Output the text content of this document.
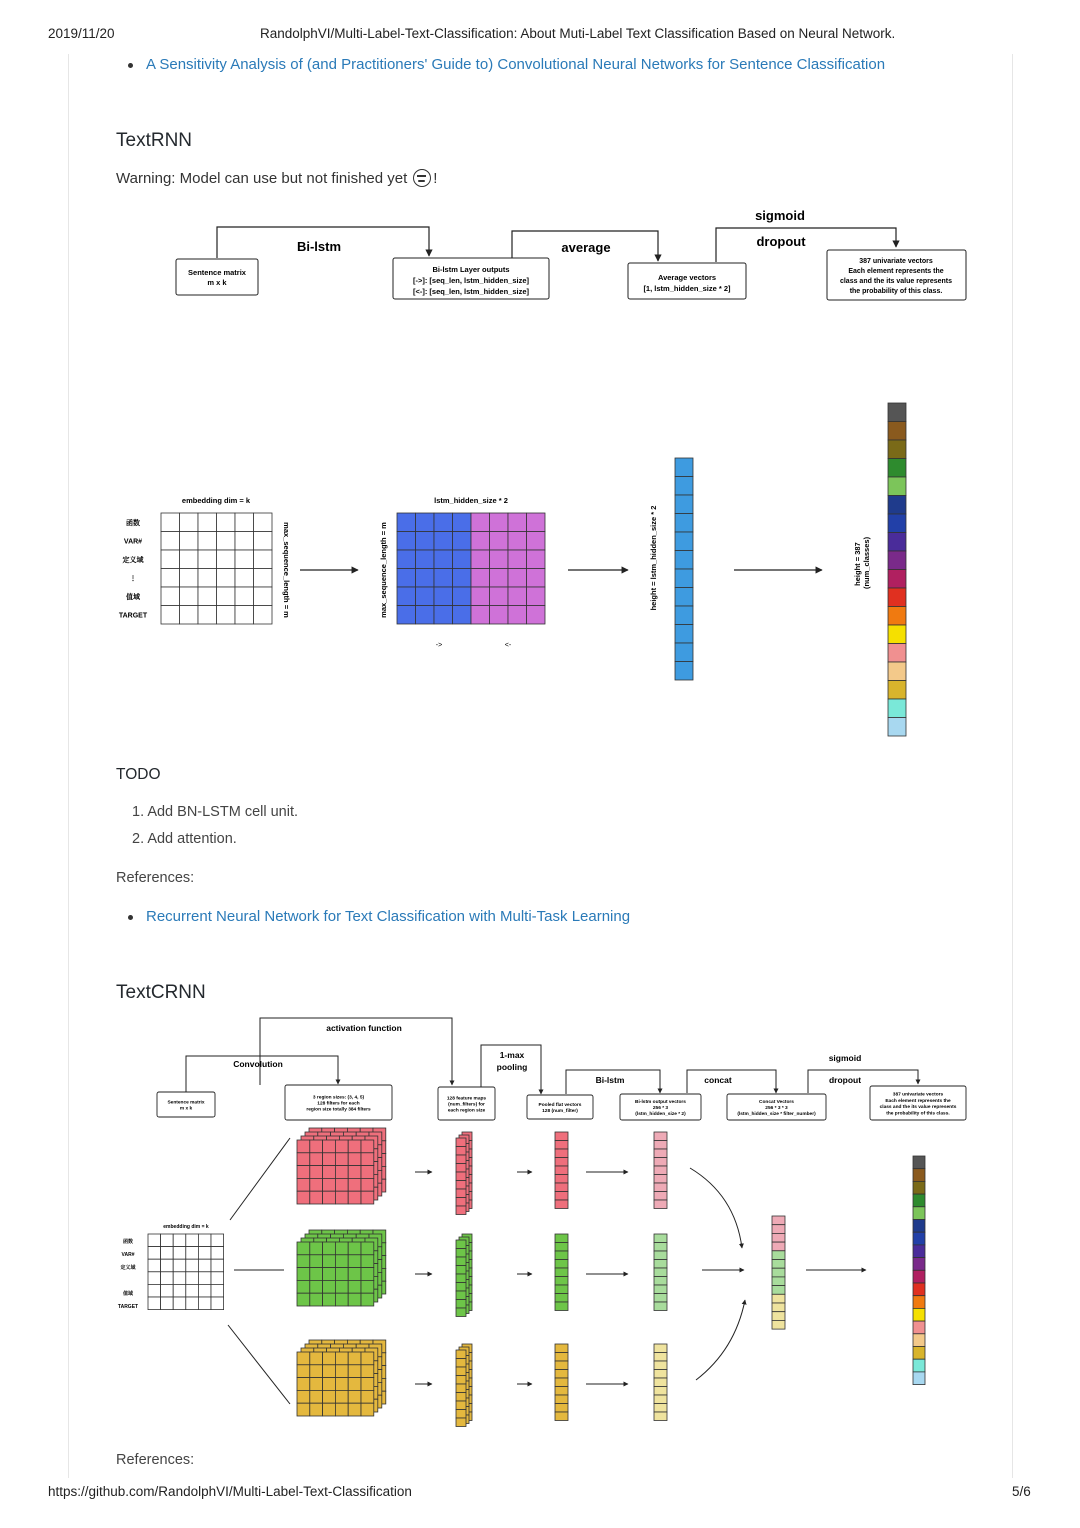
2019/11/20	RandolphVI/Multi-Label-Text-Classification: About Muti-Label Text Classification Based on Neural Network.
A Sensitivity Analysis of (and Practitioners' Guide to) Convolutional Neural Networks for Sentence Classification
TextRNN
Warning: Model can use but not finished yet !
Bi-lstm	average
sigmoid
dropout
Sentence matrix
m x k
Bi-lstm Layer outputs
[->]: [seq_len, lstm_hidden_size]
[<-]: [seq_len, lstm_hidden_size]
Average vectors
[1, lstm_hidden_size * 2]
387 univariate vectors
Each element represents the
class and the its value represents
the probability of this class.
embedding dim = k
函数
VAR#
定义域
⋮
值域
TARGET	max_sequence_length = m
lstm_hidden_size * 2
max_sequence_length = m
->	<-
height = lstm_hidden_size * 2	height = 387 (num_classes)
TODO
1. Add BN-LSTM cell unit.
2. Add attention.
References:
Recurrent Neural Network for Text Classification with Multi-Task Learning
TextCRNN
activation function
Convolution
1-max
pooling
Bi-lstm	concat
sigmoid
dropout
Sentence matrix
m x k
3 region sizes: (3, 4, 5)
128 filters for each
region size totally 384 filters
128 feature maps
(num_filters) for
each region size
Pooled flat vectors
128 (num_filter)
Bi-lstm output vectors
256 * 3
(lstm_hidden_size * 2)
Concat Vectors
256 * 3 * 3
(lstm_hidden_size * filter_number)
387 univariate vectors
Each element represents the
class and the its value represents
the probability of this class.
embedding dim = k
函数
VAR#
定义域
值域
TARGET
References:
https://github.com/RandolphVI/Multi-Label-Text-Classification	5/6
